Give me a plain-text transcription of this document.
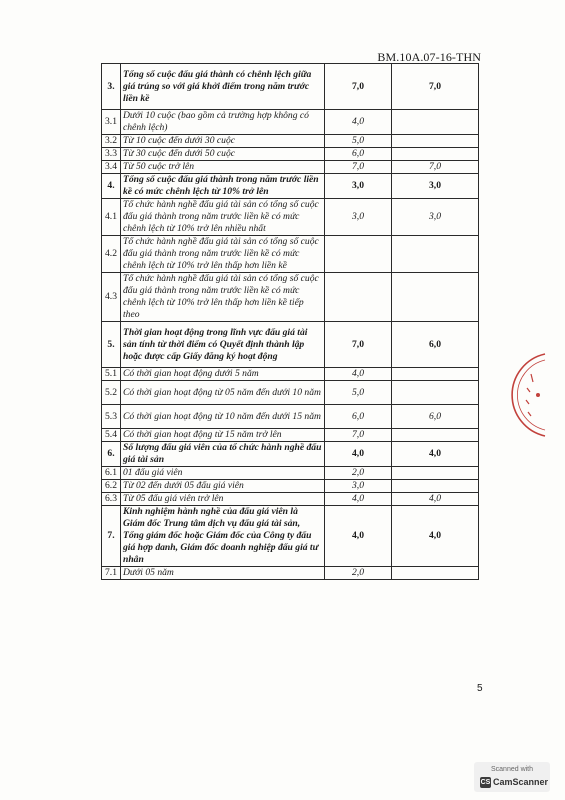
BM.10A.07-16-THN
3.	Tổng số cuộc đấu giá thành có chênh lệch giữa giá trúng so với giá khởi điểm trong năm trước liền kề	7,0	7,0
3.1	Dưới 10 cuộc (bao gồm cả trường hợp không có chênh lệch)	4,0	
3.2	Từ 10 cuộc đến dưới 30 cuộc	5,0	
3.3	Từ 30 cuộc đến dưới 50 cuộc	6,0	
3.4	Từ 50 cuộc trở lên	7,0	7,0
4.	Tổng số cuộc đấu giá thành trong năm trước liền kề có mức chênh lệch từ 10% trở lên	3,0	3,0
4.1	Tổ chức hành nghề đấu giá tài sản có tổng số cuộc đấu giá thành trong năm trước liền kề có mức chênh lệch từ 10% trở lên nhiều nhất	3,0	3,0
4.2	Tổ chức hành nghề đấu giá tài sản có tổng số cuộc đấu giá thành trong năm trước liền kề có mức chênh lệch từ 10% trở lên thấp hơn liền kề		
4.3	Tổ chức hành nghề đấu giá tài sản có tổng số cuộc đấu giá thành trong năm trước liền kề có mức chênh lệch từ 10% trở lên thấp hơn liền kề tiếp theo		
5.	Thời gian hoạt động trong lĩnh vực đấu giá tài sản tính từ thời điểm có Quyết định thành lập hoặc được cấp Giấy đăng ký hoạt động	7,0	6,0
5.1	Có thời gian hoạt động dưới 5 năm	4,0	
5.2	Có thời gian hoạt động từ 05 năm đến dưới 10 năm	5,0	
5.3	Có thời gian hoạt động từ 10 năm đến dưới 15 năm	6,0	6,0
5.4	Có thời gian hoạt động từ 15 năm trở lên	7,0	
6.	Số lượng đấu giá viên của tổ chức hành nghề đấu giá tài sản	4,0	4,0
6.1	01 đấu giá viên	2,0	
6.2	Từ 02 đến dưới 05 đấu giá viên	3,0	
6.3	Từ 05 đấu giá viên trở lên	4,0	4,0
7.	Kinh nghiệm hành nghề của đấu giá viên là Giám đốc Trung tâm dịch vụ đấu giá tài sản, Tổng giám đốc hoặc Giám đốc của Công ty đấu giá hợp danh, Giám đốc doanh nghiệp đấu giá tư nhân	4,0	4,0
7.1	Dưới 05 năm	2,0	
5
Scanned with
CS CamScanner
